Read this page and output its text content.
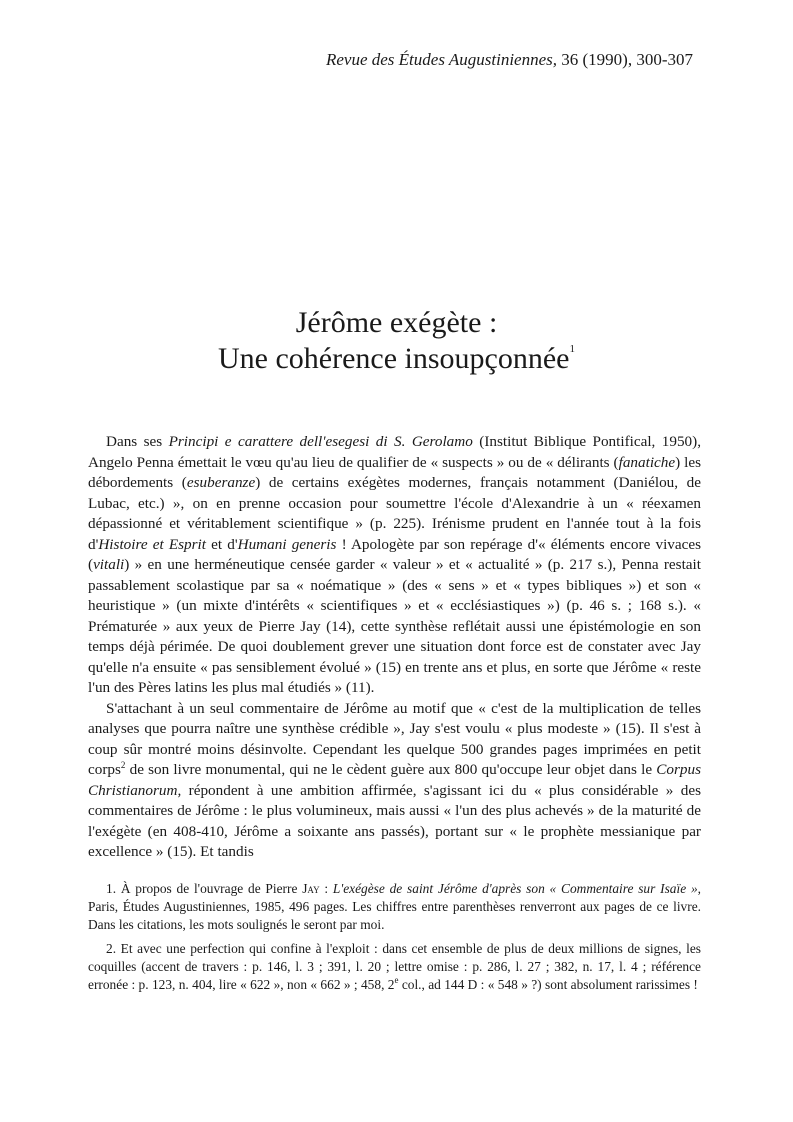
Revue des Études Augustiniennes, 36 (1990), 300-307
Jérôme exégète :
Une cohérence insoupçonnée$^1$

Dans ses Principi e carattere dell'esegesi di S. Gerolamo (Institut Biblique Pontifical, 1950), Angelo Penna émettait le vœu qu'au lieu de qualifier de « suspects » ou de « délirants (fanatiche) les débordements (esuberanze) de certains exégètes modernes, français notamment (Daniélou, de Lubac, etc.) », on en prenne occasion pour soumettre l'école d'Alexandrie à un « réexamen dépassionné et véritablement scientifique » (p. 225). Irénisme prudent en l'année tout à la fois d'Histoire et Esprit et d'Humani generis ! Apologète par son repérage d'« éléments encore vivaces (vitali) » en une herméneutique censée garder « valeur » et « actualité » (p. 217 s.), Penna restait passablement scolastique par sa « noématique » (des « sens » et « types bibliques ») et son « heuristique » (un mixte d'intérêts « scientifiques » et « ecclésiastiques ») (p. 46 s. ; 168 s.). « Prématurée » aux yeux de Pierre Jay (14), cette synthèse reflétait aussi une épistémologie en son temps déjà périmée. De quoi doublement grever une situation dont force est de constater avec Jay qu'elle n'a ensuite « pas sensiblement évolué » (15) en trente ans et plus, en sorte que Jérôme « reste l'un des Pères latins les plus mal étudiés » (11).

S'attachant à un seul commentaire de Jérôme au motif que « c'est de la multiplication de telles analyses que pourra naître une synthèse crédible », Jay s'est voulu « plus modeste » (15). Il s'est à coup sûr montré moins désinvolte. Cependant les quelque 500 grandes pages imprimées en petit corps$^2$ de son livre monumental, qui ne le cèdent guère aux 800 qu'occupe leur objet dans le Corpus Christianorum, répondent à une ambition affirmée, s'agissant ici du « plus considérable » des commentaires de Jérôme : le plus volumineux, mais aussi « l'un des plus achevés » de la maturité de l'exégète (en 408-410, Jérôme a soixante ans passés), portant sur « le prophète messianique par excellence » (15). Et tandis

1. À propos de l'ouvrage de Pierre Jay : L'exégèse de saint Jérôme d'après son « Commentaire sur Isaïe », Paris, Études Augustiniennes, 1985, 496 pages. Les chiffres entre parenthèses renverront aux pages de ce livre. Dans les citations, les mots soulignés le seront par moi.

2. Et avec une perfection qui confine à l'exploit : dans cet ensemble de plus de deux millions de signes, les coquilles (accent de travers : p. 146, l. 3 ; 391, l. 20 ; lettre omise : p. 286, l. 27 ; 382, n. 17, l. 4 ; référence erronée : p. 123, n. 404, lire « 622 », non « 662 » ; 458, 2e col., ad 144 D : « 548 » ?) sont absolument rarissimes !
